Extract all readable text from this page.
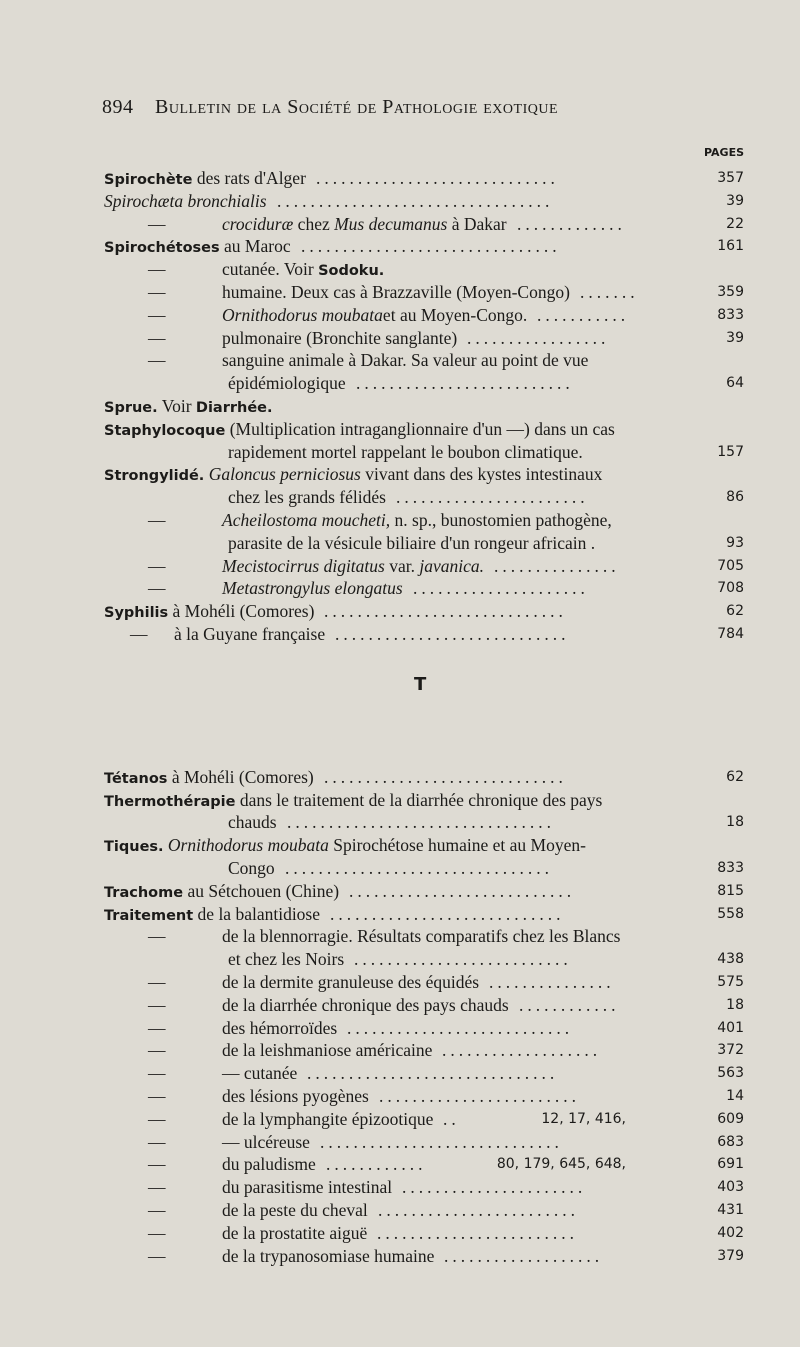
894 Bulletin de la Société de Pathologie exotique
PAGES
T
Spirochète des rats d'Alger	357
.............................
Spirochæta bronchialis	39
.................................
—	crociduræ chez Mus decumanus à Dakar	22
.............
Spirochétoses au Maroc	161
...............................
—	cutanée. Voir Sodoku.
—	humaine. Deux cas à Brazzaville (Moyen-Congo)	359
.......
—	Ornithodorus moubataet au Moyen-Congo.	833
...........
—	pulmonaire (Bronchite sanglante)	39
.................
—	sanguine animale à Dakar. Sa valeur au point de vue
épidémiologique	64
..........................
Sprue. Voir Diarrhée.
Staphylocoque (Multiplication intraganglionnaire d'un —) dans un cas
rapidement mortel rappelant le boubon climatique.	157
Strongylidé. Galoncus perniciosus vivant dans des kystes intestinaux
chez les grands félidés	86
.......................
—	Acheilostoma moucheti, n. sp., bunostomien pathogène,
parasite de la vésicule biliaire d'un rongeur africain .	93
—	Mecistocirrus digitatus var. javanica.	705
...............
—	Metastrongylus elongatus	708
.....................
Syphilis à Mohéli (Comores)	62
.............................
— à la Guyane française	784
............................
Tétanos à Mohéli (Comores)	62
.............................
Thermothérapie dans le traitement de la diarrhée chronique des pays
chauds	18
................................
Tiques. Ornithodorus moubata Spirochétose humaine et au Moyen-
Congo	833
................................
Trachome au Sétchouen (Chine)	815
...........................
Traitement de la balantidiose	558
............................
—	de la blennorragie. Résultats comparatifs chez les Blancs
et chez les Noirs	438
..........................
—	de la dermite granuleuse des équidés	575
...............
—	de la diarrhée chronique des pays chauds	18
............
—	des hémorroïdes	401
...........................
—	de la leishmaniose américaine	372
...................
—	— cutanée	563
..............................
—	des lésions pyogènes	14
........................
—	de la lymphangite épizootique	12, 17, 416,	609
..
—	— ulcéreuse	683
.............................
—	du paludisme	80, 179, 645, 648,	691
............
—	du parasitisme intestinal	403
......................
—	de la peste du cheval	431
........................
—	de la prostatite aiguë	402
........................
—	de la trypanosomiase humaine	379
...................
